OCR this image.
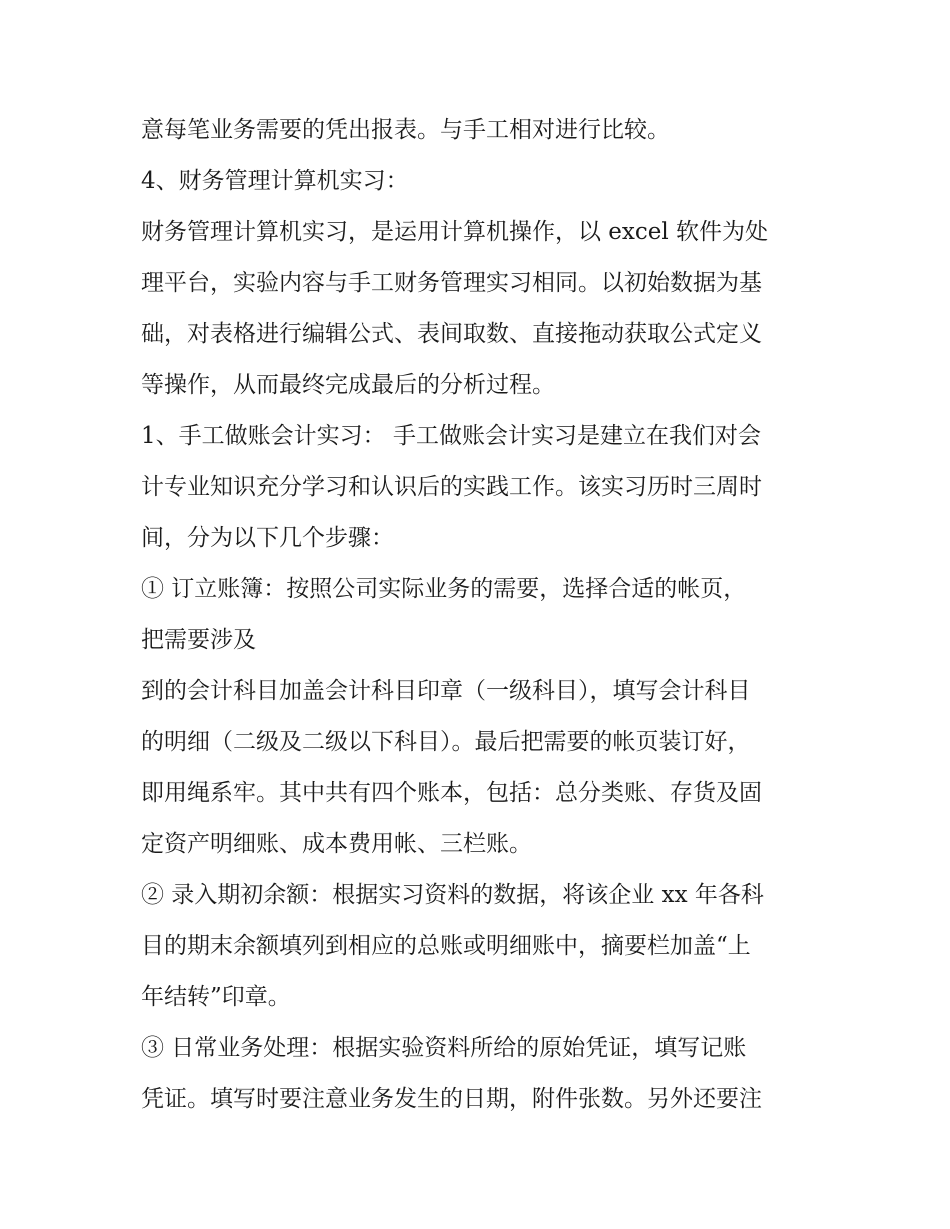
意每笔业务需要的凭出报表。与手工相对进行比较。
4、财务管理计算机实习：
财务管理计算机实习，是运用计算机操作，以 excel 软件为处
理平台，实验内容与手工财务管理实习相同。以初始数据为基
础，对表格进行编辑公式、表间取数、直接拖动获取公式定义
等操作，从而最终完成最后的分析过程。
1、手工做账会计实习： 手工做账会计实习是建立在我们对会
计专业知识充分学习和认识后的实践工作。该实习历时三周时
间，分为以下几个步骤：
① 订立账簿：按照公司实际业务的需要，选择合适的帐页，
把需要涉及
到的会计科目加盖会计科目印章（一级科目），填写会计科目
的明细（二级及二级以下科目）。最后把需要的帐页装订好，
即用绳系牢。其中共有四个账本，包括：总分类账、存货及固
定资产明细账、成本费用帐、三栏账。
② 录入期初余额：根据实习资料的数据，将该企业 xx 年各科
目的期末余额填列到相应的总账或明细账中，摘要栏加盖“上
年结转”印章。
③ 日常业务处理：根据实验资料所给的原始凭证，填写记账
凭证。填写时要注意业务发生的日期，附件张数。另外还要注
